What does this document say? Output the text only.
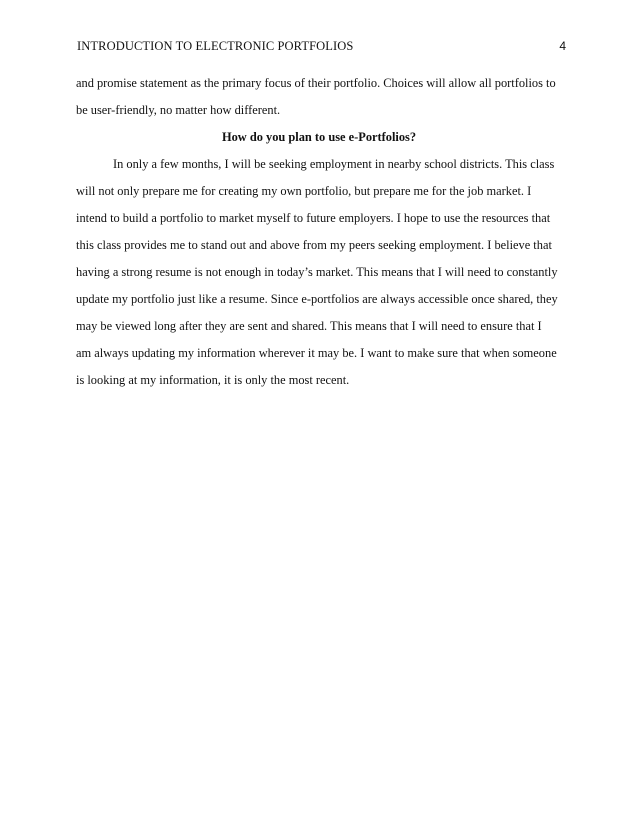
INTRODUCTION TO ELECTRONIC PORTFOLIOS	4
and promise statement as the primary focus of their portfolio. Choices will allow all portfolios to
be user-friendly, no matter how different.
How do you plan to use e-Portfolios?
In only a few months, I will be seeking employment in nearby school districts. This class
will not only prepare me for creating my own portfolio, but prepare me for the job market. I
intend to build a portfolio to market myself to future employers. I hope to use the resources that
this class provides me to stand out and above from my peers seeking employment. I believe that
having a strong resume is not enough in today’s market. This means that I will need to constantly
update my portfolio just like a resume. Since e-portfolios are always accessible once shared, they
may be viewed long after they are sent and shared. This means that I will need to ensure that I
am always updating my information wherever it may be. I want to make sure that when someone
is looking at my information, it is only the most recent.
